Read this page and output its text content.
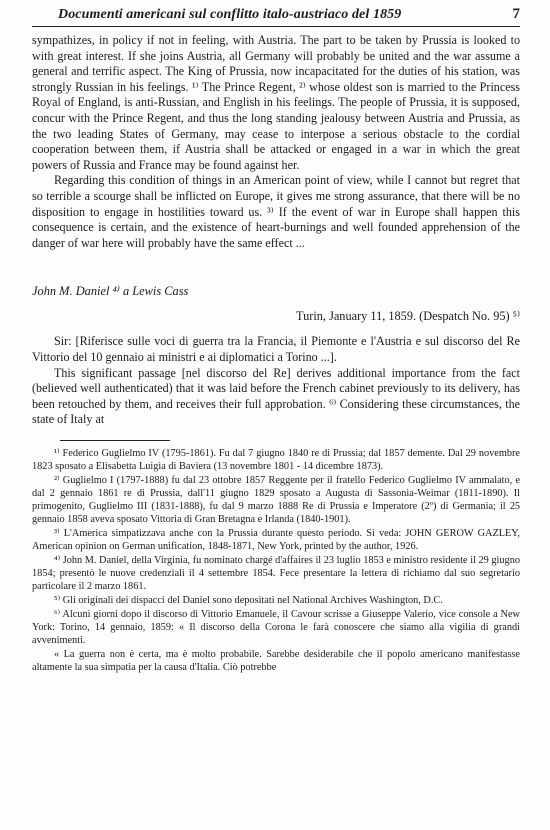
Documenti americani sul conflitto italo-austriaco del 1859	7

sympathizes, in policy if not in feeling, with Austria. The part to be taken by Prussia is looked to with great interest. If she joins Austria, all Germany will probably be united and the war assume a general and terrific aspect. The King of Prussia, now incapacitated for the duties of his station, was strongly Russian in his feelings. ¹⁾ The Prince Regent, ²⁾ whose oldest son is married to the Princess Royal of England, is anti-Russian, and English in his feelings. The people of Prussia, it is supposed, concur with the Prince Regent, and thus the long standing jealousy between Austria and Prussia, as the two leading States of Germany, may cease to interpose a serious obstacle to the cordial cooperation between them, if Austria shall be attacked or engaged in a war in which the great powers of Russia and France may be found against her.

Regarding this condition of things in an American point of view, while I cannot but regret that so terrible a scourge shall be inflicted on Europe, it gives me strong assurance, that there will be no disposition to engage in hostilities toward us. ³⁾ If the event of war in Europe shall happen this consequence is certain, and the existence of heart-burnings and well founded apprehension of the danger of war here will probably have the same effect ...

John M. Daniel ⁴⁾ a Lewis Cass
Turin, January 11, 1859. (Despatch No. 95) ⁵⁾

Sir: [Riferisce sulle voci di guerra tra la Francia, il Piemonte e l'Austria e sul discorso del Re Vittorio del 10 gennaio ai ministri e ai diplomatici a Torino ...].

This significant passage [nel discorso del Re] derives additional importance from the fact (believed well authenticated) that it was laid before the French cabinet previously to its delivery, has been retouched by them, and receives their full approbation. ⁶⁾ Considering these circumstances, the state of Italy at

¹⁾ Federico Guglielmo IV (1795-1861). Fu dal 7 giugno 1840 re di Prussia; dal 1857 demente. Dal 29 novembre 1823 sposato a Elisabetta Luigia di Baviera (13 novembre 1801 - 14 dicembre 1873).

²⁾ Guglielmo I (1797-1888) fu dal 23 ottobre 1857 Reggente per il fratello Federico Guglielmo IV ammalato, e dal 2 gennaio 1861 re di Prussia, dall'11 giugno 1829 sposato a Augusta di Sassonia-Weimar (1811-1890). Il primogenito, Guglielmo III (1831-1888), fu dal 9 marzo 1888 Re di Prussia e Imperatore (2º) di Germania; il 25 gennaio 1858 aveva sposato Vittoria di Gran Bretagna e Irlanda (1840-1901).

³⁾ L'America simpatizzava anche con la Prussia durante questo periodo. Si veda: JOHN GEROW GAZLEY, American opinion on German unification, 1848-1871, New York, printed by the author, 1926.

⁴⁾ John M. Daniel, della Virginia, fu nominato chargé d'affaires il 23 luglio 1853 e ministro residente il 29 giugno 1854; presentò le nuove credenziali il 4 settembre 1854. Fece presentare la lettera di richiamo dal suo segretario particolare il 2 marzo 1861.

⁵⁾ Gli originali dei dispacci del Daniel sono depositati nel National Archives Washington, D.C.

⁶⁾ Alcuni giorni dopo il discorso di Vittorio Emanuele, il Cavour scrisse a Giuseppe Valerio, vice console a New York: Torino, 14 gennaio, 1859: « Il discorso della Corona le farà conoscere che siamo alla vigilia di grandi avvenimenti.

« La guerra non è certa, ma è molto probabile. Sarebbe desiderabile che il popolo americano manifestasse altamente la sua simpatia per la causa d'Italia. Ciò potrebbe
